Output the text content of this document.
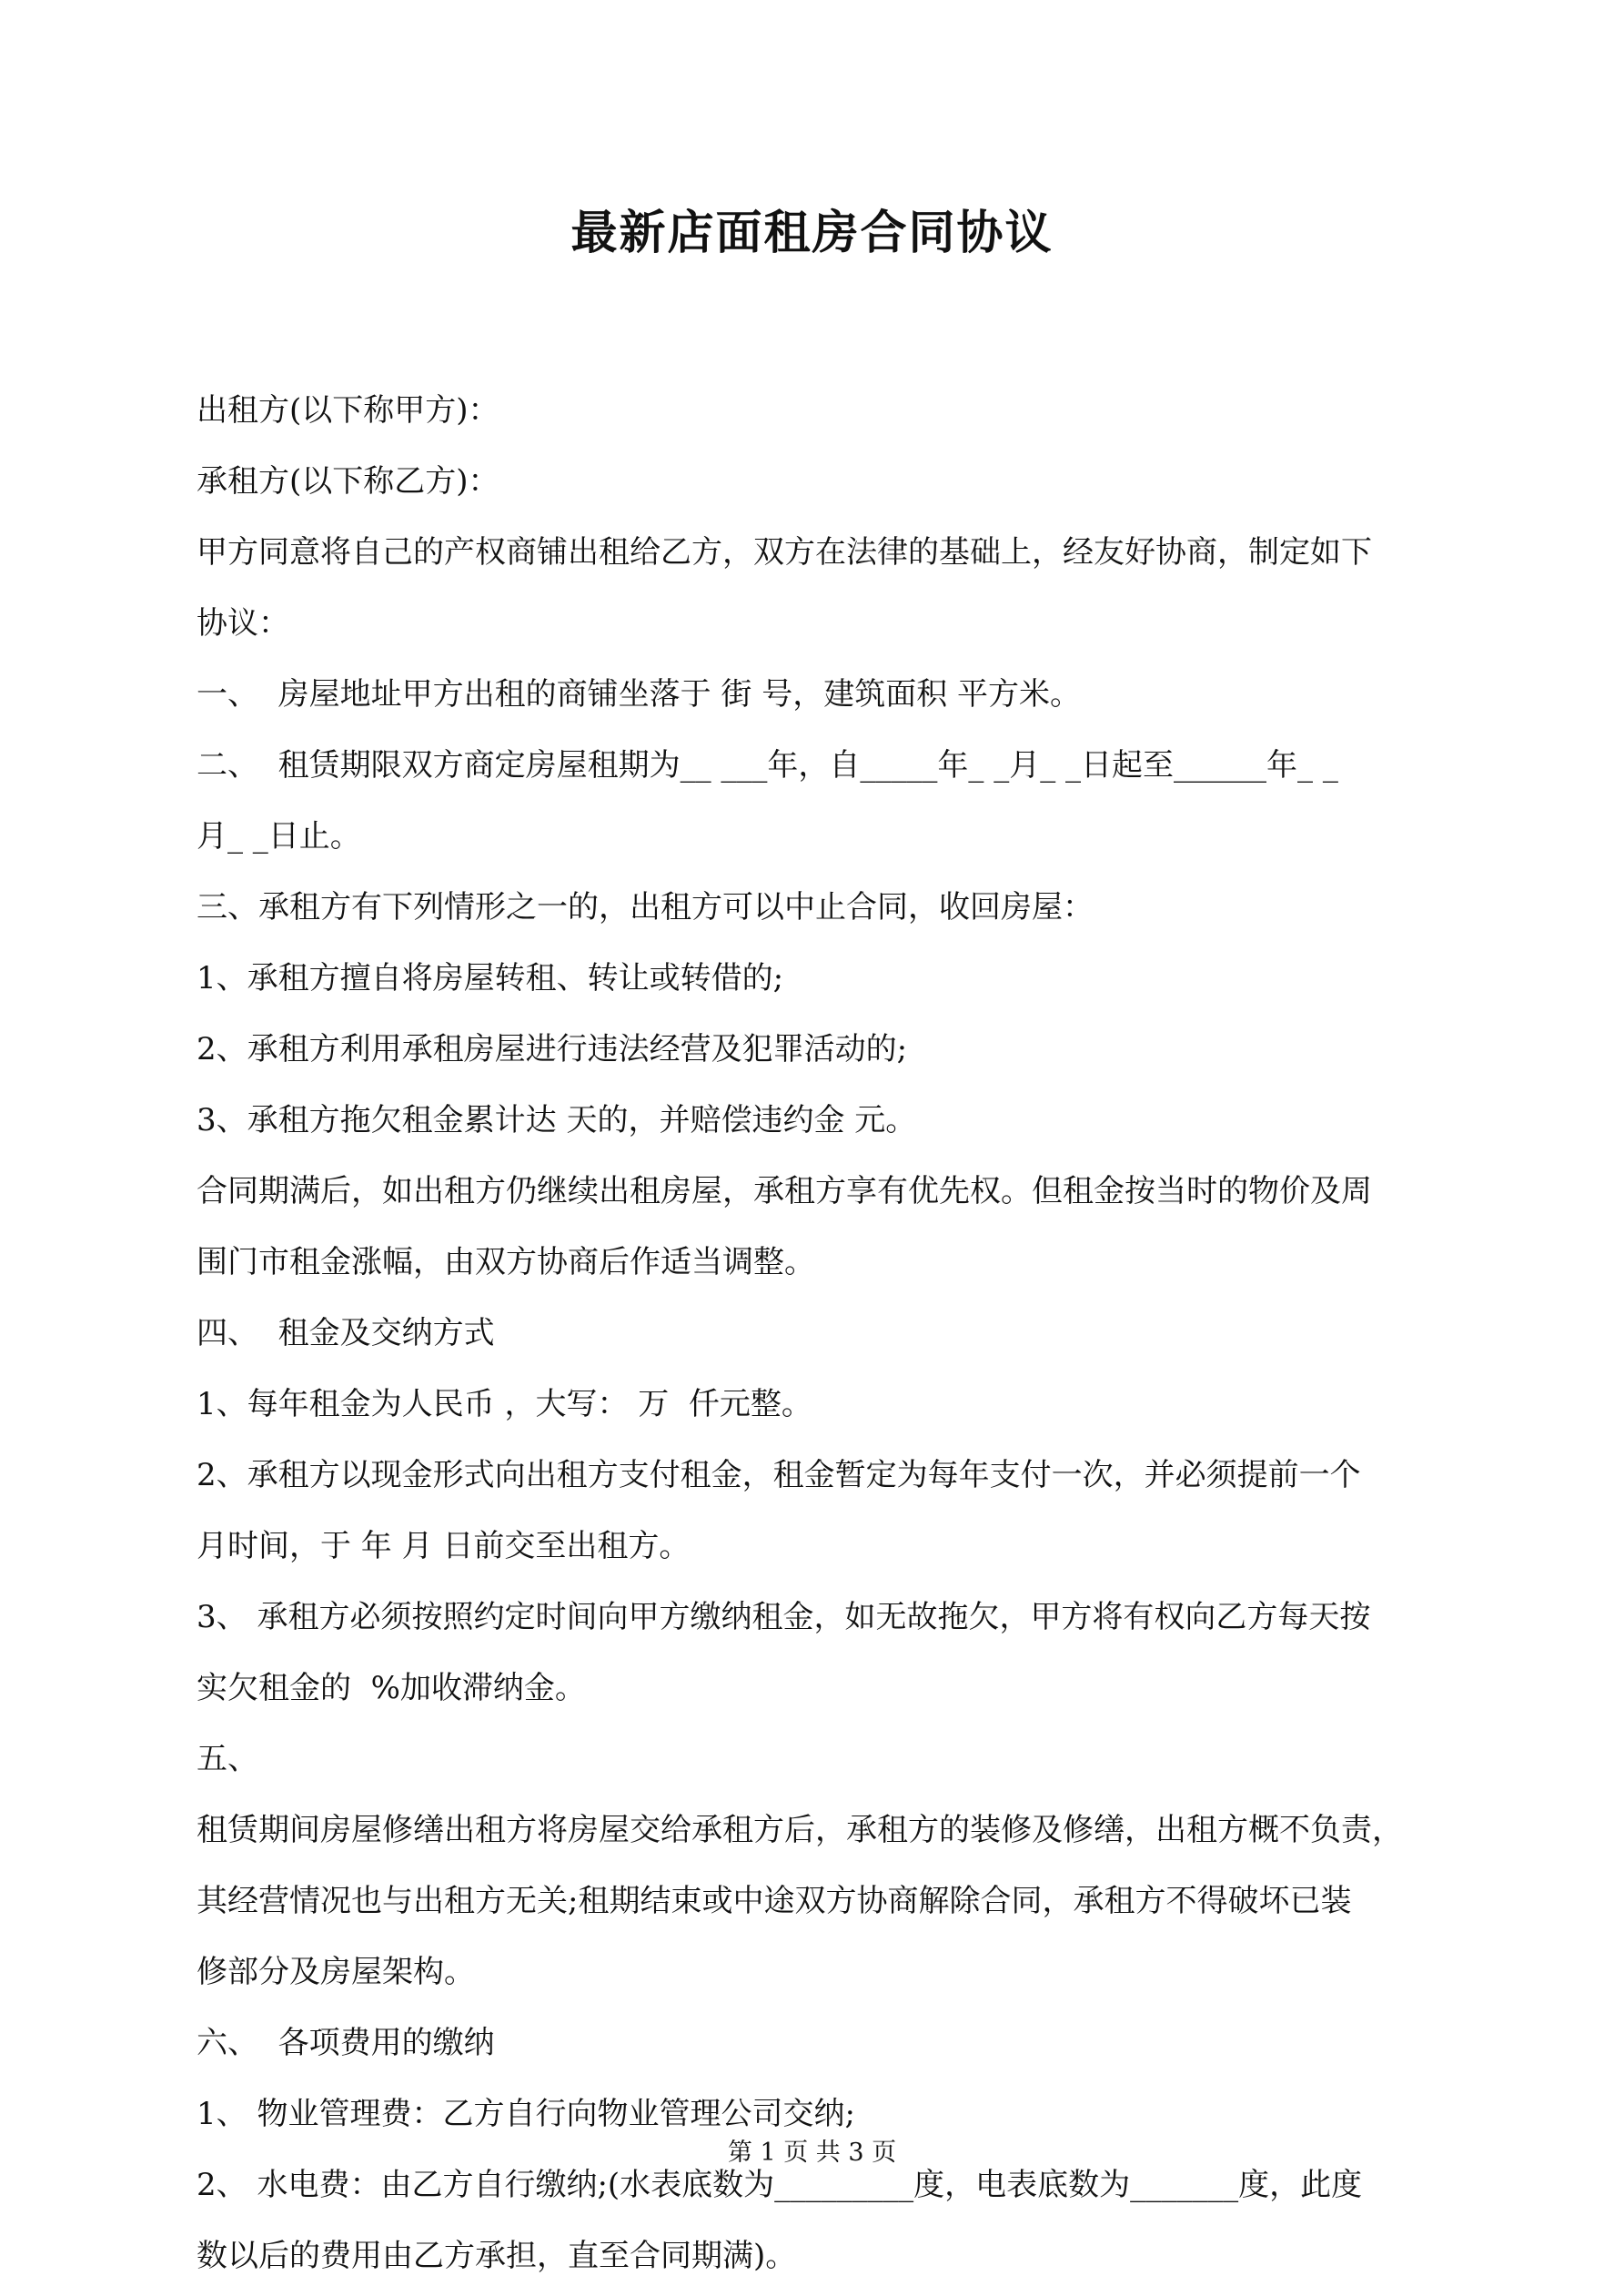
最新店面租房合同协议
出租方(以下称甲方)：
承租方(以下称乙方)：
甲方同意将自己的产权商铺出租给乙方，双方在法律的基础上，经友好协商，制定如下
协议：
一、  房屋地址甲方出租的商铺坐落于 街 号，建筑面积 平方米。
二、  租赁期限双方商定房屋租期为__ ___年，自_____年_ _月_ _日起至______年_ _
月_ _日止。
三、承租方有下列情形之一的，出租方可以中止合同，收回房屋：
1、承租方擅自将房屋转租、转让或转借的;
2、承租方利用承租房屋进行违法经营及犯罪活动的;
3、承租方拖欠租金累计达 天的，并赔偿违约金 元。
合同期满后，如出租方仍继续出租房屋，承租方享有优先权。但租金按当时的物价及周
围门市租金涨幅，由双方协商后作适当调整。
四、  租金及交纳方式
1、每年租金为人民币 ，大写： 万  仟元整。
2、承租方以现金形式向出租方支付租金，租金暂定为每年支付一次，并必须提前一个
月时间，于 年 月 日前交至出租方。
3、 承租方必须按照约定时间向甲方缴纳租金，如无故拖欠，甲方将有权向乙方每天按
实欠租金的  %加收滞纳金。
五、
租赁期间房屋修缮出租方将房屋交给承租方后，承租方的装修及修缮，出租方概不负责，
其经营情况也与出租方无关;租期结束或中途双方协商解除合同，承租方不得破坏已装
修部分及房屋架构。
六、  各项费用的缴纳
1、 物业管理费：乙方自行向物业管理公司交纳;
2、 水电费：由乙方自行缴纳;(水表底数为_________度，电表底数为_______度，此度
数以后的费用由乙方承担，直至合同期满)。
第 1 页 共 3 页
